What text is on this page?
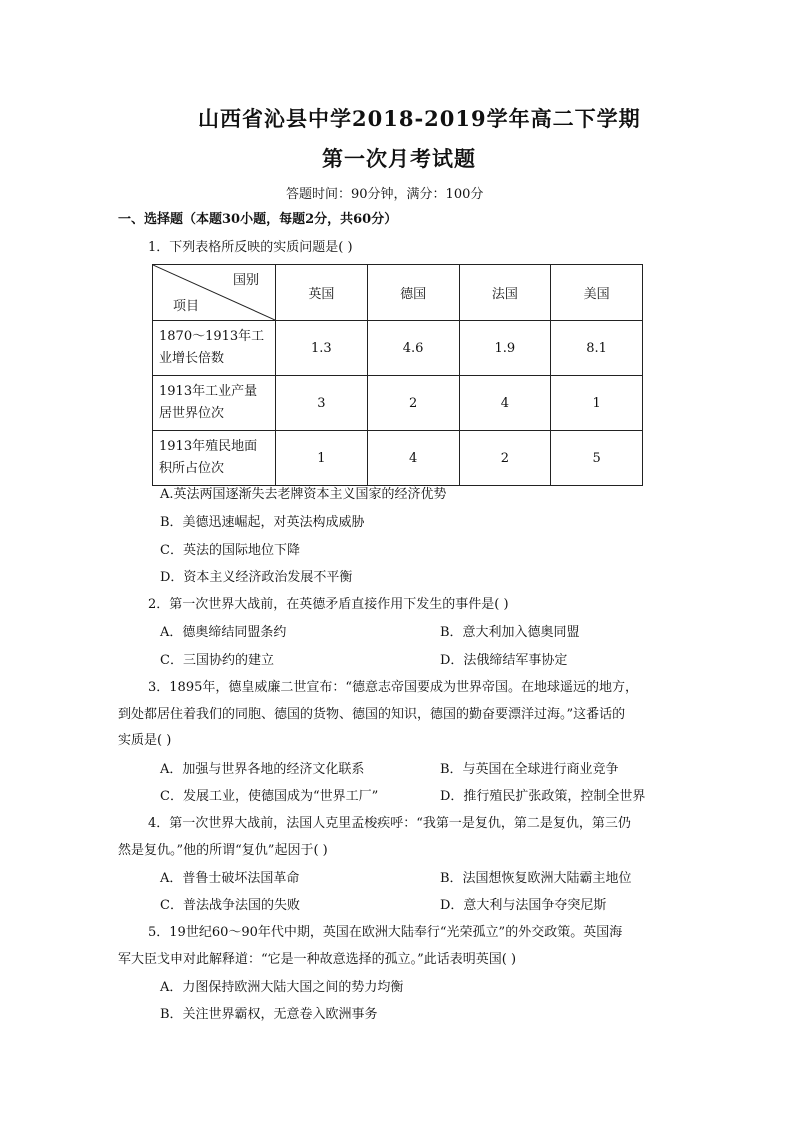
山西省沁县中学2018-2019学年高二下学期
第一次月考试题
答题时间：90分钟，满分：100分
一、选择题（本题30小题，每题2分，共60分）
1．下列表格所反映的实质问题是( )
国别
项目	英国	德国	法国	美国
1870～1913年工
业增长倍数	1.3	4.6	1.9	8.1
1913年工业产量
居世界位次	3	2	4	1
1913年殖民地面
积所占位次	1	4	2	5
A.英法两国逐渐失去老牌资本主义国家的经济优势
B．美德迅速崛起，对英法构成威胁
C．英法的国际地位下降
D．资本主义经济政治发展不平衡
2．第一次世界大战前，在英德矛盾直接作用下发生的事件是( )
A．德奥缔结同盟条约	B．意大利加入德奥同盟
C．三国协约的建立	D．法俄缔结军事协定
3．1895年，德皇威廉二世宣布：“德意志帝国要成为世界帝国。在地球遥远的地方，
到处都居住着我们的同胞、德国的货物、德国的知识，德国的勤奋要漂洋过海。”这番话的
实质是( )
A．加强与世界各地的经济文化联系	B．与英国在全球进行商业竞争
C．发展工业，使德国成为“世界工厂”	D．推行殖民扩张政策，控制全世界
4．第一次世界大战前，法国人克里孟梭疾呼：“我第一是复仇，第二是复仇，第三仍
然是复仇。”他的所谓“复仇”起因于( )
A．普鲁士破坏法国革命	B．法国想恢复欧洲大陆霸主地位
C．普法战争法国的失败	D．意大利与法国争夺突尼斯
5．19世纪60～90年代中期，英国在欧洲大陆奉行“光荣孤立”的外交政策。英国海
军大臣戈申对此解释道：“它是一种故意选择的孤立。”此话表明英国( )
A．力图保持欧洲大陆大国之间的势力均衡
B．关注世界霸权，无意卷入欧洲事务
